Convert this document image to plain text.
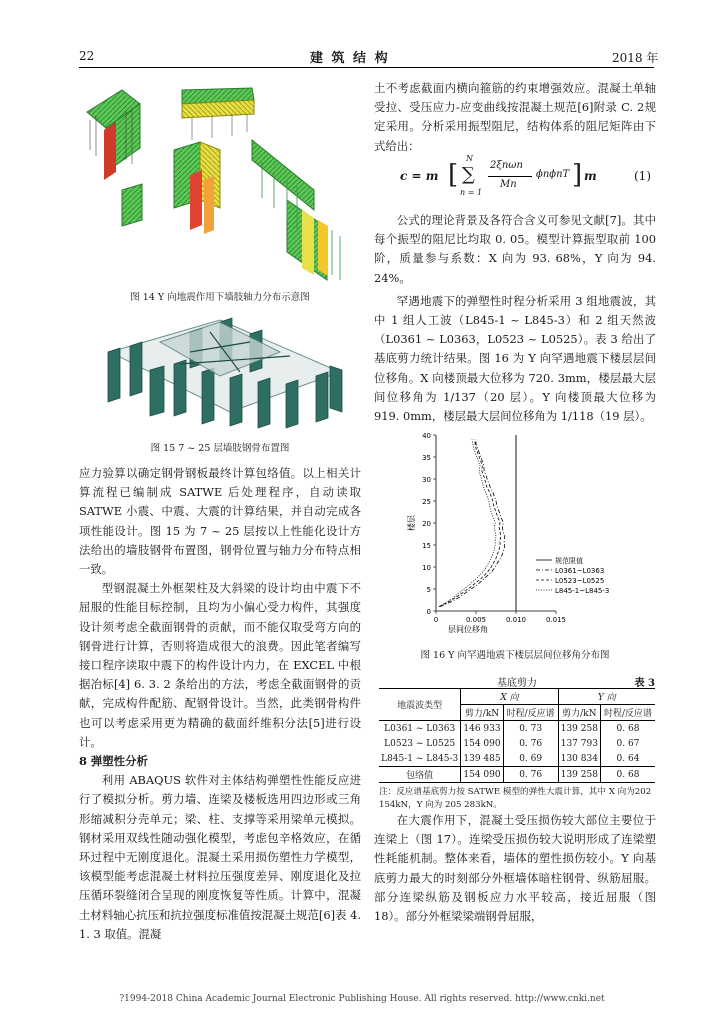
22	建 筑 结 构	2018 年
图 14 Y 向地震作用下墙肢轴力分布示意图
图 15 7 ~ 25 层墙肢钢骨布置图

应力验算以确定钢骨钢板最终计算包络值。以上相关计算流程已编制成 SATWE 后处理程序，自动读取 SATWE 小震、中震、大震的计算结果，并自动完成各项性能设计。图 15 为 7 ~ 25 层按以上性能化设计方法给出的墙肢钢骨布置图，钢骨位置与轴力分布特点相一致。

型钢混凝土外框架柱及大斜梁的设计均由中震下不屈服的性能目标控制，且均为小偏心受力构件，其强度设计须考虑全截面钢骨的贡献，而不能仅取受弯方向的钢骨进行计算，否则将造成很大的浪费。因此笔者编写接口程序读取中震下的构件设计内力，在 EXCEL 中根据冶标[4] 6. 3. 2 条给出的方法，考虑全截面钢骨的贡献，完成构件配筋、配钢骨设计。当然，此类钢骨构件也可以考虑采用更为精确的截面纤维积分法[5]进行设计。

8 弹塑性分析

利用 ABAQUS 软件对主体结构弹塑性性能反应进行了模拟分析。剪力墙、连梁及楼板选用四边形或三角形缩减积分壳单元；梁、柱、支撑等采用梁单元模拟。钢材采用双线性随动强化模型，考虑包辛格效应，在循环过程中无刚度退化。混凝土采用损伤塑性力学模型，该模型能考虑混凝土材料拉压强度差异、刚度退化及拉压循环裂缝闭合呈现的刚度恢复等性质。计算中，混凝土材料轴心抗压和抗拉强度标准值按混凝土规范[6]表 4. 1. 3 取值。混凝

土不考虑截面内横向箍筋的约束增强效应。混凝土单轴受拉、受压应力-应变曲线按混凝土规范[6]附录 C. 2规定采用。分析采用振型阻尼，结构体系的阻尼矩阵由下式给出：

c = m [
N
∑
n = 1
2ξnωn
Mn
ϕnϕnT ] m	(1)

公式的理论背景及各符合含义可参见文献[7]。其中每个振型的阻尼比均取 0. 05。模型计算振型取前 100 阶，质量参与系数：X 向为 93. 68%，Y 向为 94. 24%。

罕遇地震下的弹塑性时程分析采用 3 组地震波，其中 1 组人工波（L845-1 ~ L845-3）和 2 组天然波（L0361 ~ L0363，L0523 ~ L0525）。表 3 给出了基底剪力统计结果。图 16 为 Y 向罕遇地震下楼层层间位移角。X 向楼顶最大位移为 720. 3mm，楼层最大层间位移角为 1/137（20 层）。Y 向楼顶最大位移为 919. 0mm，楼层最大层间位移角为 1/118（19 层）。

0
5
10
15
20
25
30
35
40
0	0.005	0.010	0.015
楼层
层间位移角
规范限值
L0361~L0363
L0523~L0525
L845-1~L845-3
图 16 Y 向罕遇地震下楼层层间位移角分布图
基底剪力	表 3
地震波类型	X 向		Y 向	
	剪力/kN	时程/反应谱	剪力/kN	时程/反应谱
L0361 ~ L0363	146 933	0. 73	139 258	0. 68
L0523 ~ L0525	154 090	0. 76	137 793	0. 67
L845-1 ~ L845-3	139 485	0. 69	130 834	0. 64
包络值	154 090	0. 76	139 258	0. 68
注：反应谱基底剪力按 SATWE 模型的弹性大震计算，其中 X 向为202 154kN，Y 向为 205 283kN。

在大震作用下，混凝土受压损伤较大部位主要位于连梁上（图 17）。连梁受压损伤较大说明形成了连梁塑性耗能机制。整体来看，墙体的塑性损伤较小。Y 向基底剪力最大的时刻部分外框墙体暗柱钢骨、纵筋屈服。部分连梁纵筋及钢板应力水平较高，接近屈服（图 18）。部分外框梁梁端钢骨屈服，

?1994-2018 China Academic Journal Electronic Publishing House. All rights reserved. http://www.cnki.net
